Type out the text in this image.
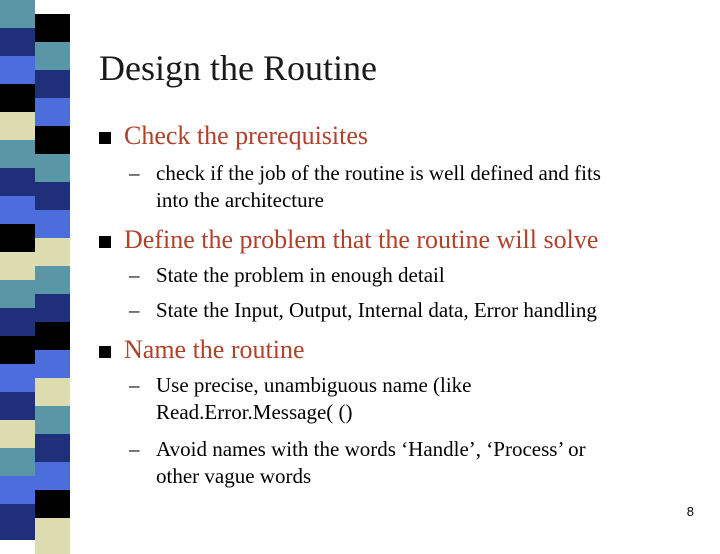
Design the Routine
Check the prerequisites
– check if the job of the routine is well defined and fits
into the architecture
Define the problem that the routine will solve
– State the problem in enough detail
– State the Input, Output, Internal data, Error handling
Name the routine
– Use precise, unambiguous name (like
Read.Error.Message( ()
– Avoid names with the words ‘Handle’, ‘Process’ or
other vague words
8
